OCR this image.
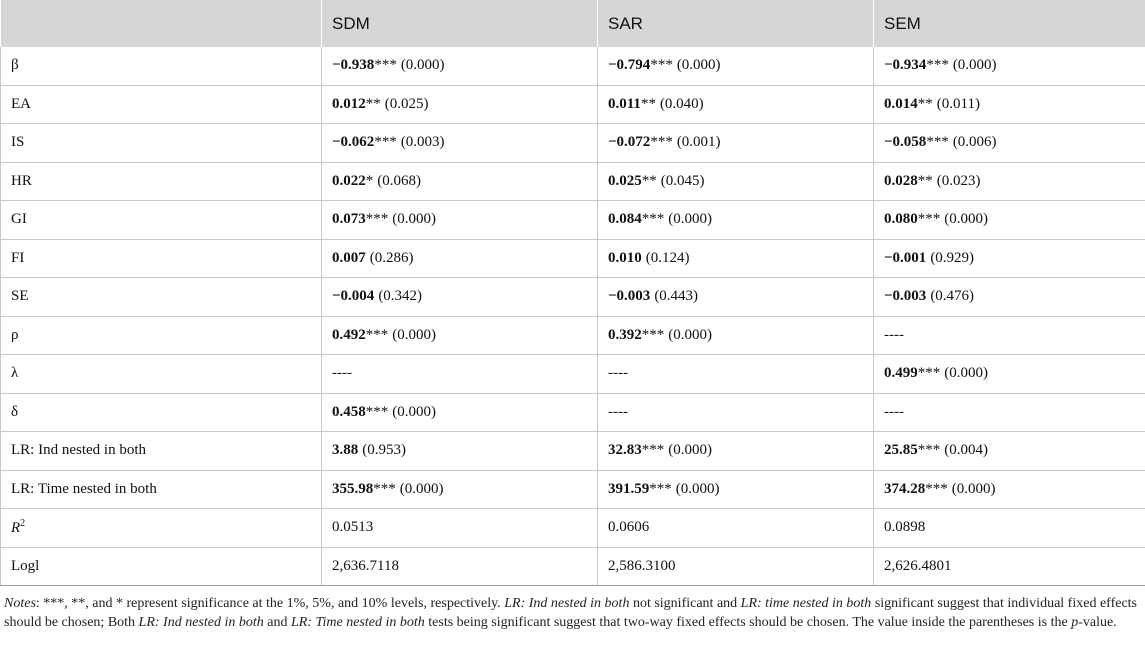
	SDM	SAR	SEM
β	−0.938*** (0.000)	−0.794*** (0.000)	−0.934*** (0.000)
EA	0.012** (0.025)	0.011** (0.040)	0.014** (0.011)
IS	−0.062*** (0.003)	−0.072*** (0.001)	−0.058*** (0.006)
HR	0.022* (0.068)	0.025** (0.045)	0.028** (0.023)
GI	0.073*** (0.000)	0.084*** (0.000)	0.080*** (0.000)
FI	0.007 (0.286)	0.010 (0.124)	−0.001 (0.929)
SE	−0.004 (0.342)	−0.003 (0.443)	−0.003 (0.476)
ρ	0.492*** (0.000)	0.392*** (0.000)	----
λ	----	----	0.499*** (0.000)
δ	0.458*** (0.000)	----	----
LR: Ind nested in both	3.88 (0.953)	32.83*** (0.000)	25.85*** (0.004)
LR: Time nested in both	355.98*** (0.000)	391.59*** (0.000)	374.28*** (0.000)
$R^2$	0.0513	0.0606	0.0898
Logl	2,636.7118	2,586.3100	2,626.4801
Notes: ***, **, and * represent significance at the 1%, 5%, and 10% levels, respectively. LR: Ind nested in both not significant and LR: time nested in both significant suggest that individual fixed effects should be chosen; Both LR: Ind nested in both and LR: Time nested in both tests being significant suggest that two-way fixed effects should be chosen. The value inside the parentheses is the p-value.
